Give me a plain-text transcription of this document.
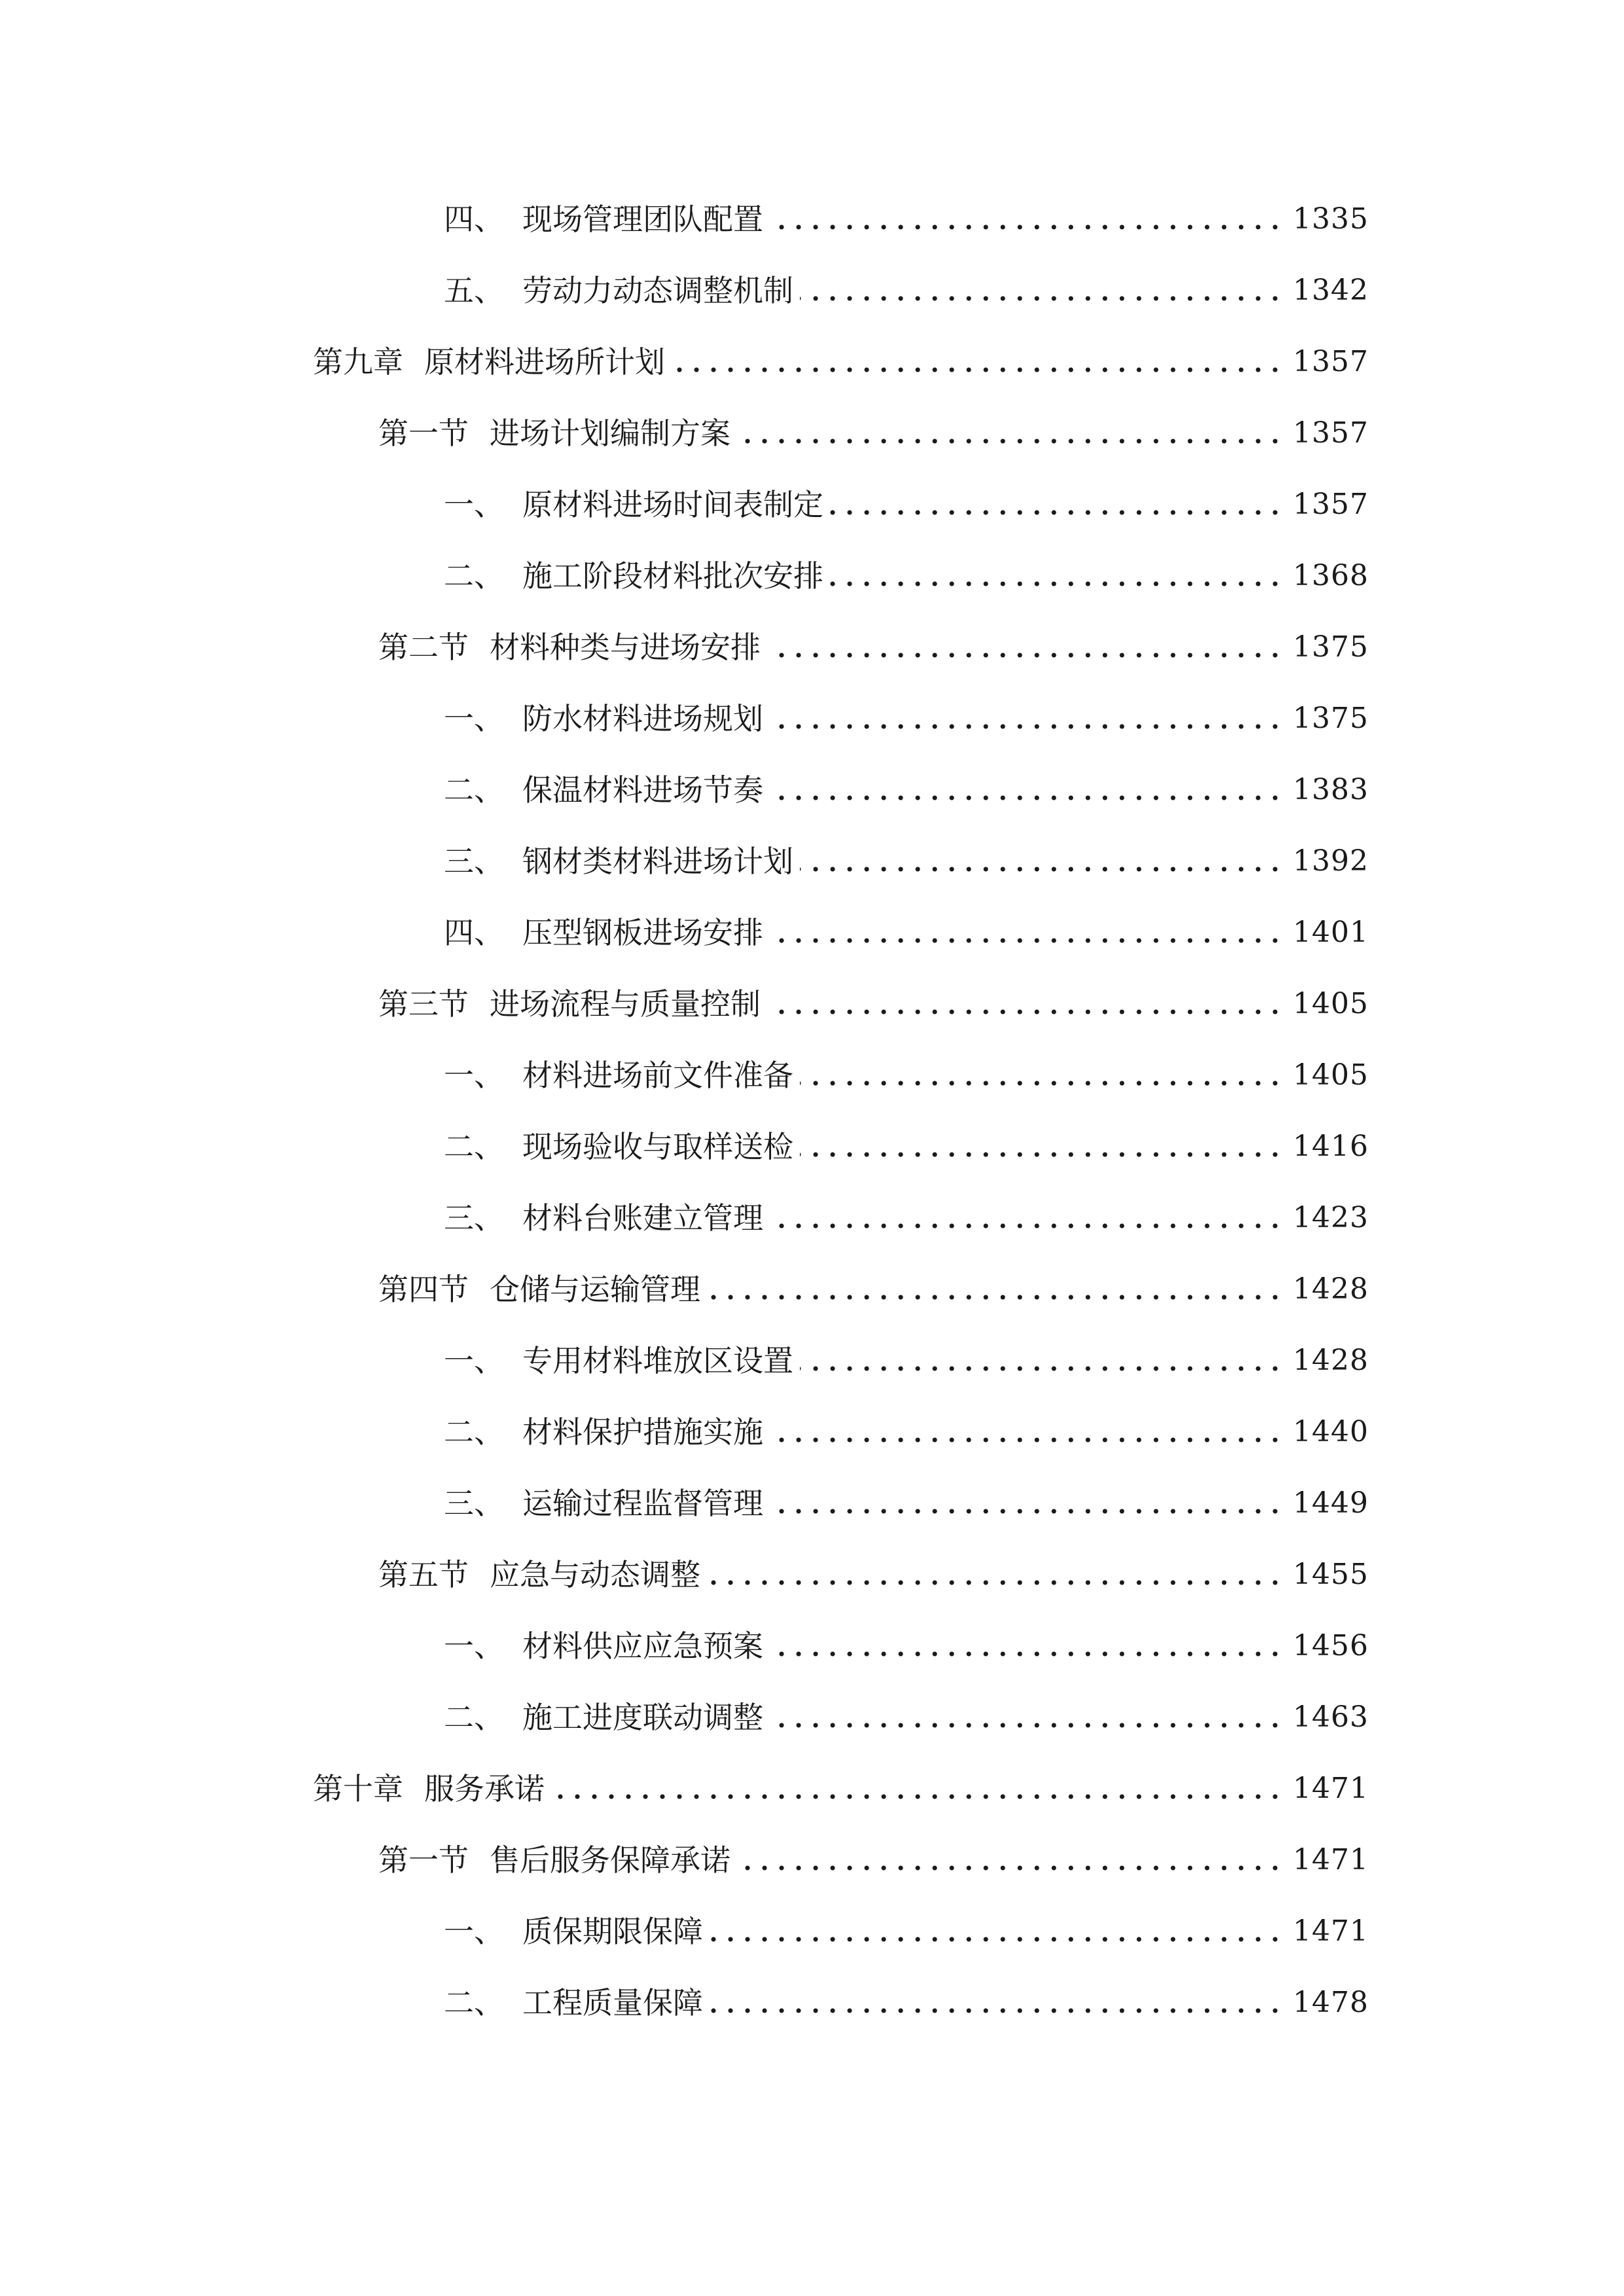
四、 现场管理团队配置	1335
五、 劳动力动态调整机制	1342
第九章 原材料进场所计划	1357
第一节 进场计划编制方案	1357
一、 原材料进场时间表制定	1357
二、 施工阶段材料批次安排	1368
第二节 材料种类与进场安排	1375
一、 防水材料进场规划	1375
二、 保温材料进场节奏	1383
三、 钢材类材料进场计划	1392
四、 压型钢板进场安排	1401
第三节 进场流程与质量控制	1405
一、 材料进场前文件准备	1405
二、 现场验收与取样送检	1416
三、 材料台账建立管理	1423
第四节 仓储与运输管理	1428
一、 专用材料堆放区设置	1428
二、 材料保护措施实施	1440
三、 运输过程监督管理	1449
第五节 应急与动态调整	1455
一、 材料供应应急预案	1456
二、 施工进度联动调整	1463
第十章 服务承诺	1471
第一节 售后服务保障承诺	1471
一、 质保期限保障	1471
二、 工程质量保障	1478
